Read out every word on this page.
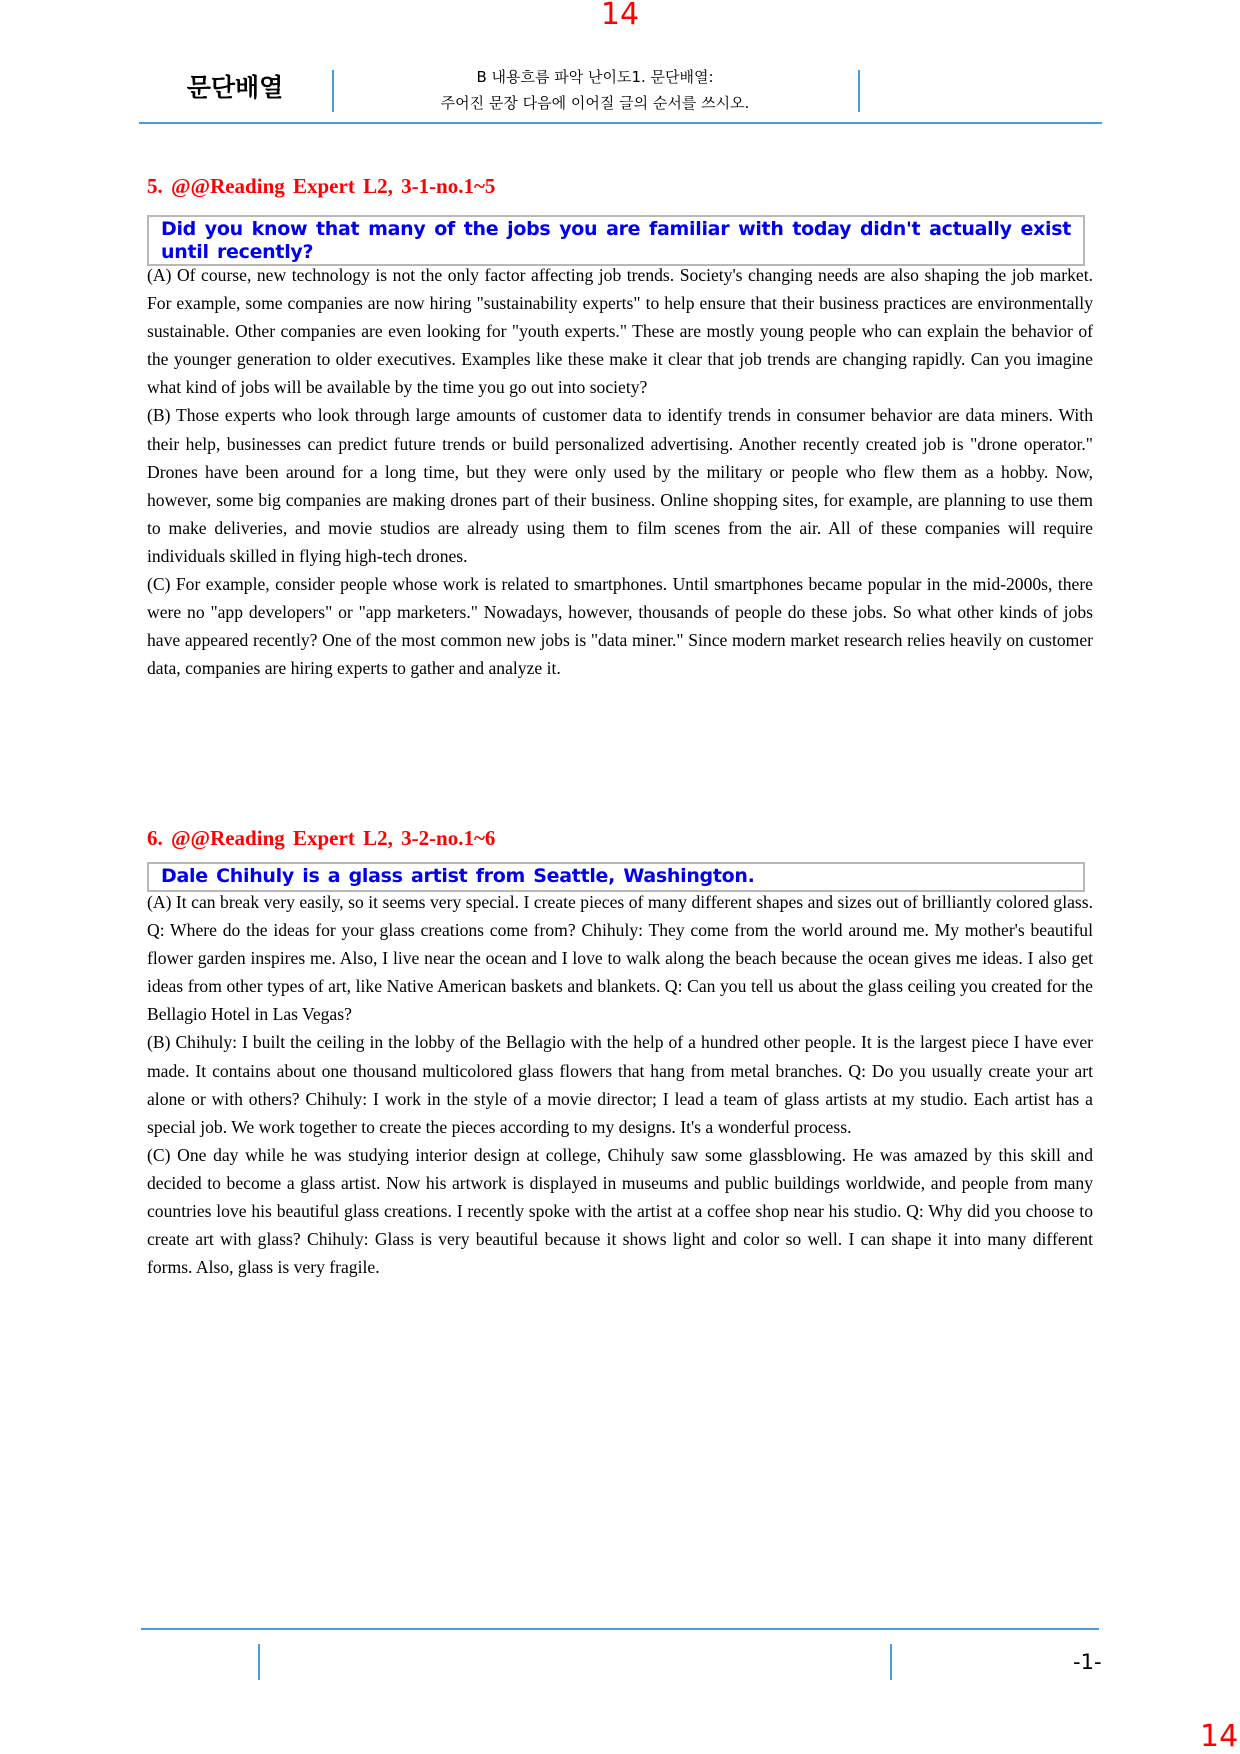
14
문단배열	B 내용흐름 파악 난이도1. 문단배열:
주어진 문장 다음에 이어질 글의 순서를 쓰시오.
5. @@Reading Expert L2, 3-1-no.1~5
Did you know that many of the jobs you are familiar with today didn't actually exist until recently?

(A) Of course, new technology is not the only factor affecting job trends. Society's changing needs are also shaping the job market. For example, some companies are now hiring "sustainability experts" to help ensure that their business practices are environmentally sustainable. Other companies are even looking for "youth experts." These are mostly young people who can explain the behavior of the younger generation to older executives. Examples like these make it clear that job trends are changing rapidly. Can you imagine what kind of jobs will be available by the time you go out into society?

(B) Those experts who look through large amounts of customer data to identify trends in consumer behavior are data miners. With their help, businesses can predict future trends or build personalized advertising. Another recently created job is "drone operator." Drones have been around for a long time, but they were only used by the military or people who flew them as a hobby. Now, however, some big companies are making drones part of their business. Online shopping sites, for example, are planning to use them to make deliveries, and movie studios are already using them to film scenes from the air. All of these companies will require individuals skilled in flying high-tech drones.

(C) For example, consider people whose work is related to smartphones. Until smartphones became popular in the mid-2000s, there were no "app developers" or "app marketers." Nowadays, however, thousands of people do these jobs. So what other kinds of jobs have appeared recently? One of the most common new jobs is "data miner." Since modern market research relies heavily on customer data, companies are hiring experts to gather and analyze it.

6. @@Reading Expert L2, 3-2-no.1~6
Dale Chihuly is a glass artist from Seattle, Washington.

(A) It can break very easily, so it seems very special. I create pieces of many different shapes and sizes out of brilliantly colored glass. Q: Where do the ideas for your glass creations come from? Chihuly: They come from the world around me. My mother's beautiful flower garden inspires me. Also, I live near the ocean and I love to walk along the beach because the ocean gives me ideas. I also get ideas from other types of art, like Native American baskets and blankets. Q: Can you tell us about the glass ceiling you created for the Bellagio Hotel in Las Vegas?

(B) Chihuly: I built the ceiling in the lobby of the Bellagio with the help of a hundred other people. It is the largest piece I have ever made. It contains about one thousand multicolored glass flowers that hang from metal branches. Q: Do you usually create your art alone or with others? Chihuly: I work in the style of a movie director; I lead a team of glass artists at my studio. Each artist has a special job. We work together to create the pieces according to my designs. It's a wonderful process.

(C) One day while he was studying interior design at college, Chihuly saw some glassblowing. He was amazed by this skill and decided to become a glass artist. Now his artwork is displayed in museums and public buildings worldwide, and people from many countries love his beautiful glass creations. I recently spoke with the artist at a coffee shop near his studio. Q: Why did you choose to create art with glass? Chihuly: Glass is very beautiful because it shows light and color so well. I can shape it into many different forms. Also, glass is very fragile.

-1-
14
